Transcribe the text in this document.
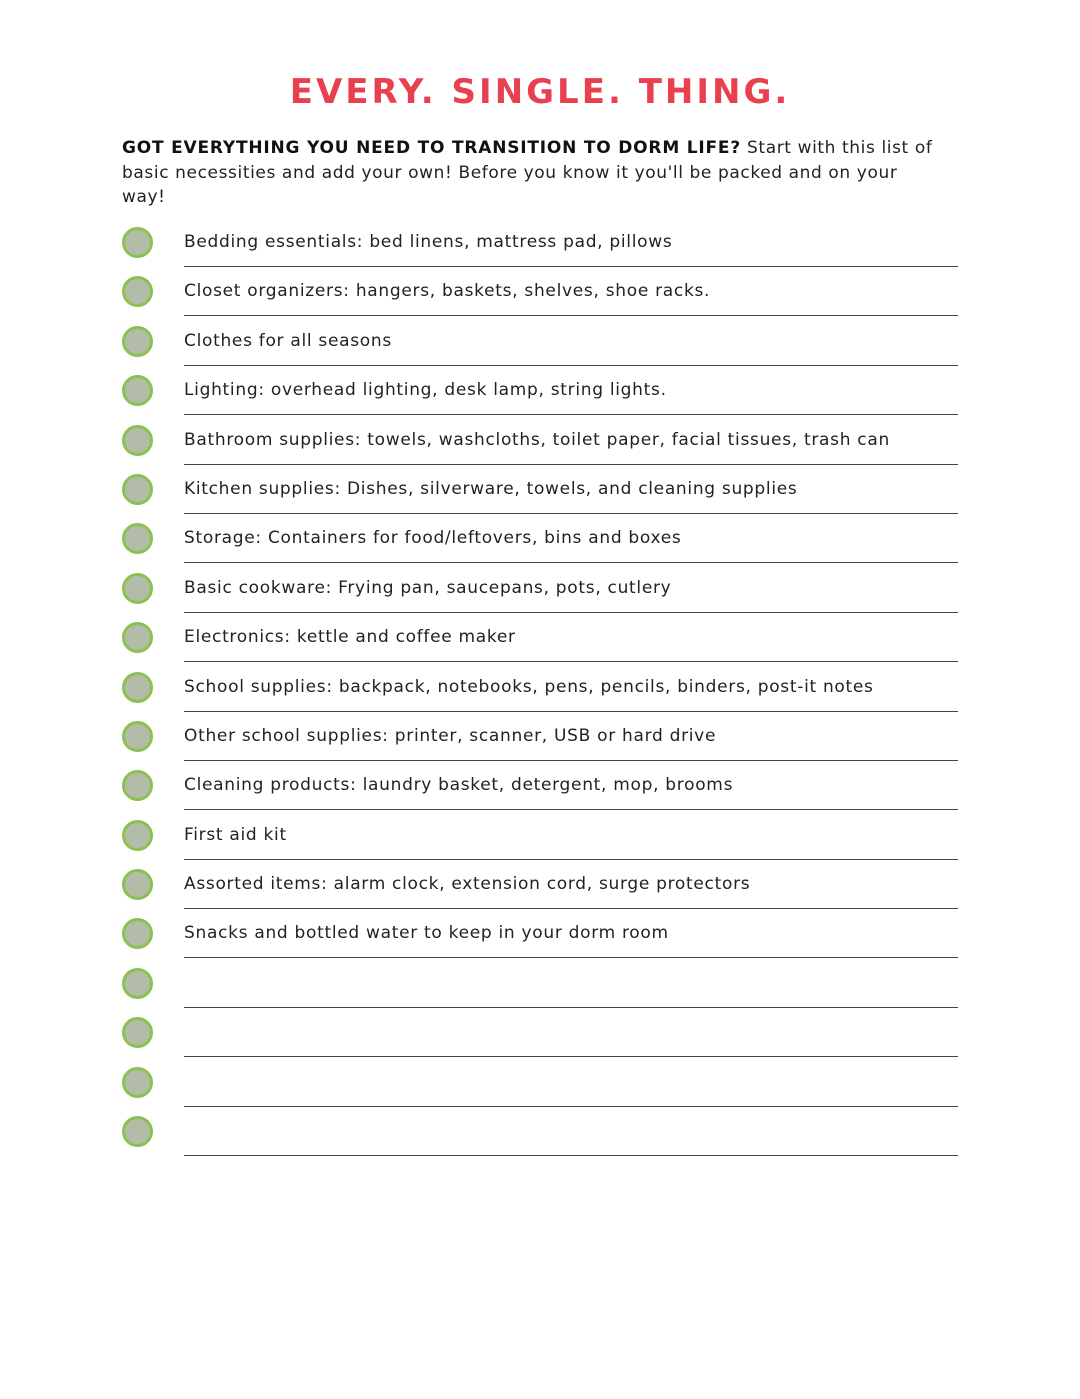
EVERY. SINGLE. THING.

GOT EVERYTHING YOU NEED TO TRANSITION TO DORM LIFE? Start with this list of basic necessities and add your own! Before you know it you'll be packed and on your way!

Bedding essentials: bed linens, mattress pad, pillows
Closet organizers: hangers, baskets, shelves, shoe racks.
Clothes for all seasons
Lighting: overhead lighting, desk lamp, string lights.
Bathroom supplies: towels, washcloths, toilet paper, facial tissues, trash can
Kitchen supplies: Dishes, silverware, towels, and cleaning supplies
Storage: Containers for food/leftovers, bins and boxes
Basic cookware: Frying pan, saucepans, pots, cutlery
Electronics: kettle and coffee maker
School supplies: backpack, notebooks, pens, pencils, binders, post-it notes
Other school supplies: printer, scanner, USB or hard drive
Cleaning products: laundry basket, detergent, mop, brooms
First aid kit
Assorted items: alarm clock, extension cord, surge protectors
Snacks and bottled water to keep in your dorm room
